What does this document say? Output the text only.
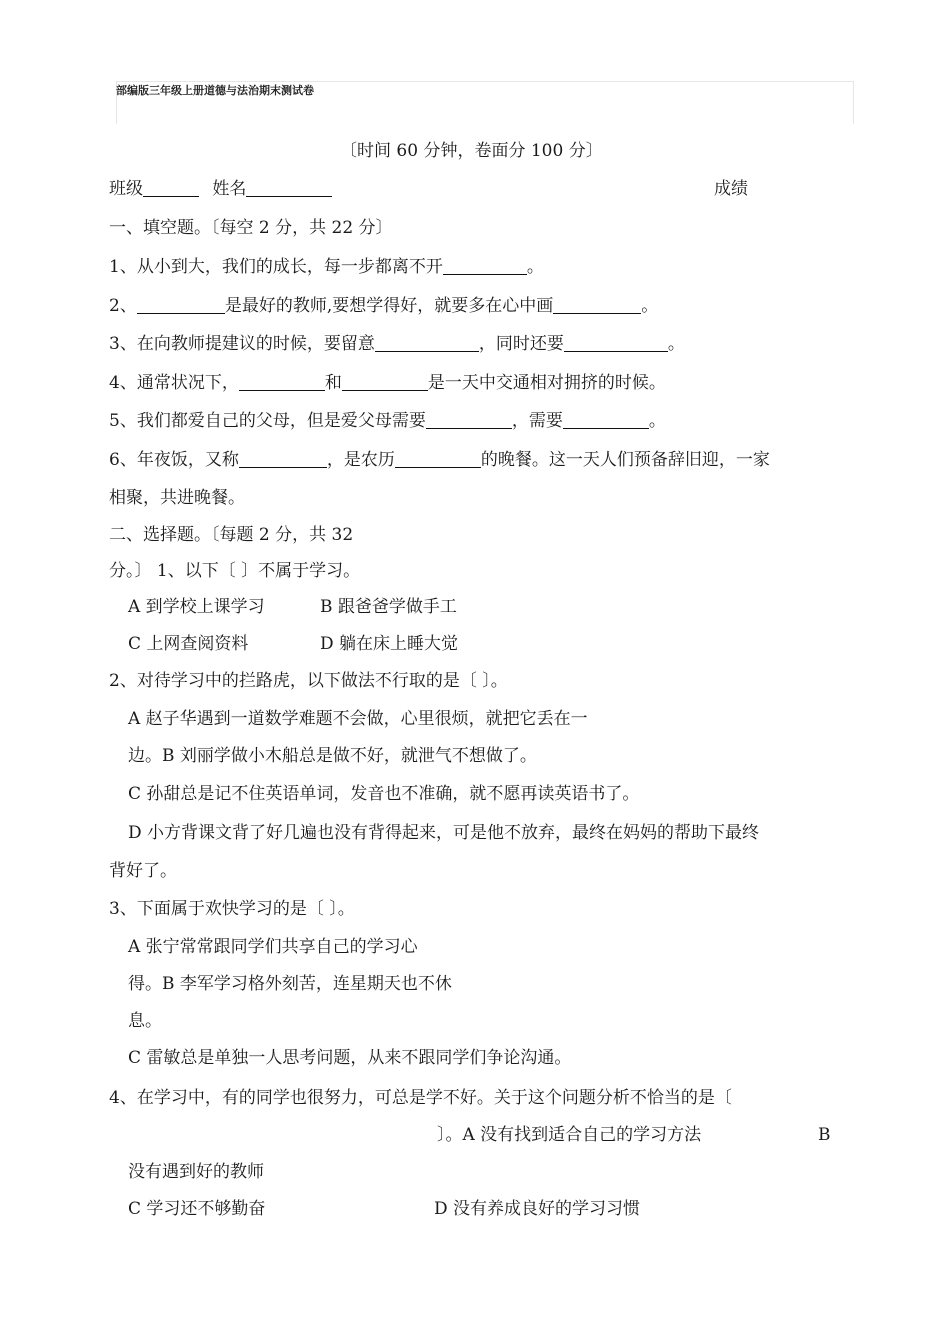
部编版三年级上册道德与法治期末测试卷
〔时间 60 分钟，卷面分 100 分〕
班级	姓名	成绩
一、填空题。〔每空 2 分，共 22 分〕
1、从小到大，我们的成长，每一步都离不开	。
2、	是最好的教师,要想学得好，就要多在心中画	。
3、在向教师提建议的时候，要留意	，同时还要	。
4、通常状况下，	和	是一天中交通相对拥挤的时候。
5、我们都爱自己的父母，但是爱父母需要	，需要	。
6、年夜饭，又称	，是农历	的晚餐。这一天人们预备辞旧迎，一家
相聚，共进晚餐。
二、选择题。〔每题 2 分，共 32
分。〕 1、以下〔 〕不属于学习。
A 到学校上课学习	B 跟爸爸学做手工
C 上网查阅资料	D 躺在床上睡大觉
2、对待学习中的拦路虎，以下做法不行取的是〔 〕。
A 赵子华遇到一道数学难题不会做，心里很烦，就把它丢在一
边。B 刘丽学做小木船总是做不好，就泄气不想做了。
C 孙甜总是记不住英语单词，发音也不准确，就不愿再读英语书了。
D 小方背课文背了好几遍也没有背得起来，可是他不放弃，最终在妈妈的帮助下最终
背好了。
3、下面属于欢快学习的是〔 〕。
A 张宁常常跟同学们共享自己的学习心
得。B 李军学习格外刻苦，连星期天也不休
息。
C 雷敏总是单独一人思考问题，从来不跟同学们争论沟通。
4、在学习中，有的同学也很努力，可总是学不好。关于这个问题分析不恰当的是〔
〕。A 没有找到适合自己的学习方法	B
没有遇到好的教师
C 学习还不够勤奋	D 没有养成良好的学习习惯
